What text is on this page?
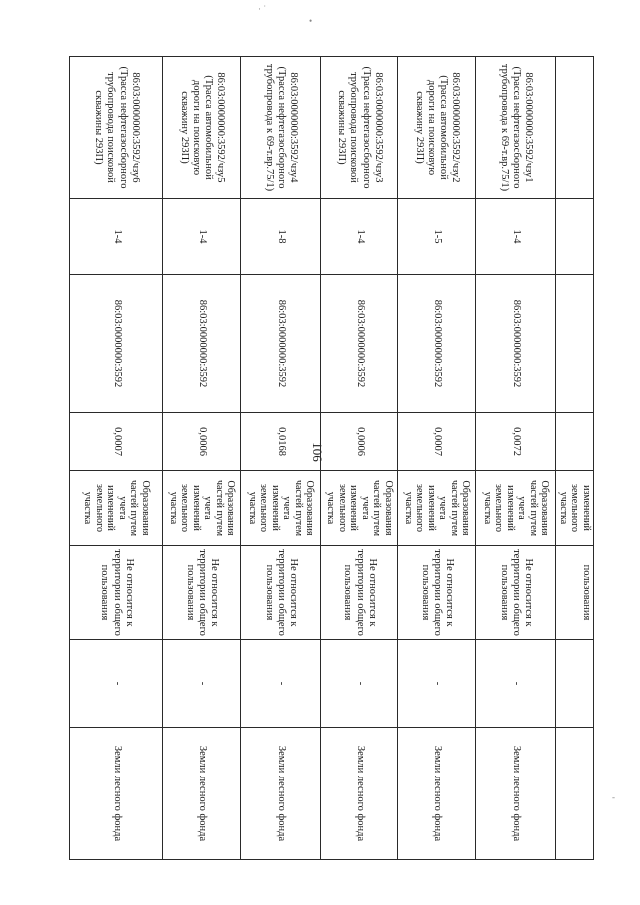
106
				изменений земельного участка	пользования		
86:03:0000000:3592/чзу1 (Трасса нефтегазосборного трубопровода к 69-т.вр.75/1)	1-4	86:03:0000000:3592	0,0072	Образования частей путем учета изменений земельного участка	Не относится к территории общего пользования	-	Земли лесного фонда
86:03:0000000:3592/чзу2 (Трасса автомобильной дороги на поисковую скважину 293П)	1-5	86:03:0000000:3592	0,0007	Образования частей путем учета изменений земельного участка	Не относится к территории общего пользования	-	Земли лесного фонда
86:03:0000000:3592/чзу3 (Трасса нефтегазосборного трубопровода поисковой скважины 293П)	1-4	86:03:0000000:3592	0,0006	Образования частей путем учета изменений земельного участка	Не относится к территории общего пользования	-	Земли лесного фонда
86:03:0000000:3592/чзу4 (Трасса нефтегазосборного трубопровода к 69-т.вр.75/1)	1-8	86:03:0000000:3592	0,0168	Образования частей путем учета изменений земельного участка	Не относится к территории общего пользования	-	Земли лесного фонда
86:03:0000000:3592/чзу5 (Трасса автомобильной дороги на поисковую скважину 293П)	1-4	86:03:0000000:3592	0,0006	Образования частей путем учета изменений земельного участка	Не относится к территории общего пользования	-	Земли лесного фонда
86:03:0000000:3592/чзу6 (Трасса нефтегазосборного трубопровода поисковой скважины 293П)	1-4	86:03:0000000:3592	0,0007	Образования частей путем учета изменений земельного участка	Не относится к территории общего пользования	-	Земли лесного фонда
· ˙
•
-
